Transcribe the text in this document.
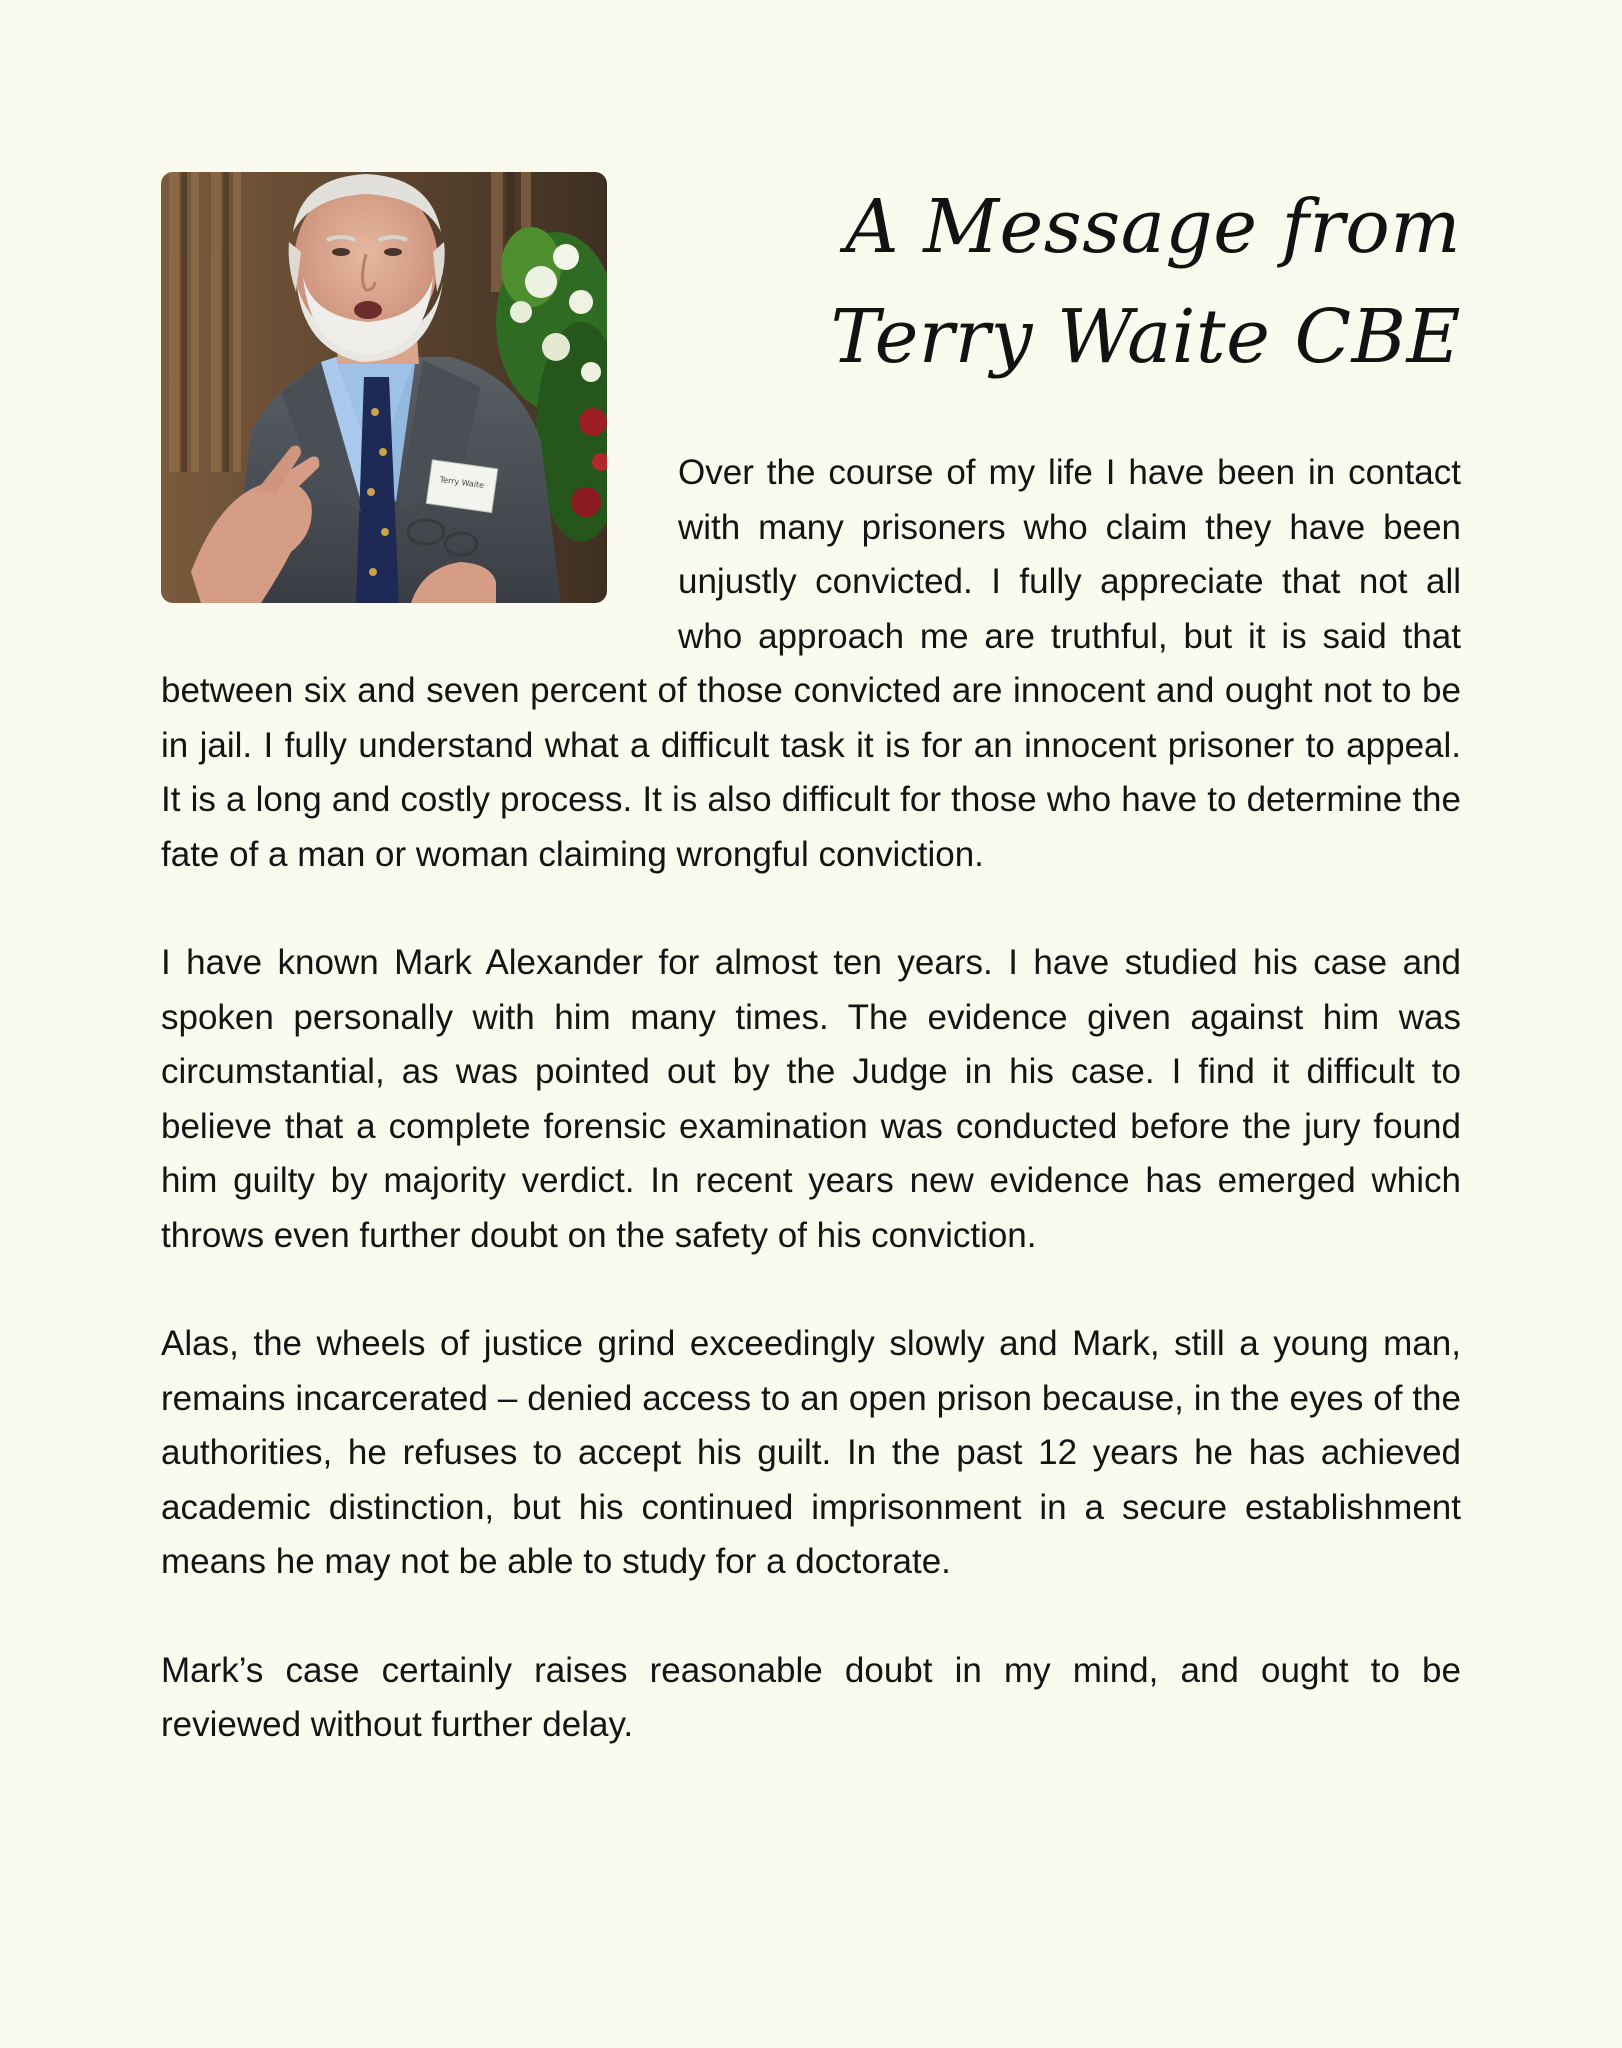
Terry Waite
A Message from
Terry Waite CBE

Over the course of my life I have been in contact with many prisoners who claim they have been unjustly convicted. I fully appreciate that not all who approach me are truthful, but it is said that between six and seven percent of those convicted are innocent and ought not to be in jail. I fully understand what a difficult task it is for an innocent prisoner to appeal. It is a long and costly process. It is also difficult for those who have to determine the fate of a man or woman claiming wrongful conviction.

I have known Mark Alexander for almost ten years. I have studied his case and spoken personally with him many times. The evidence given against him was circumstantial, as was pointed out by the Judge in his case. I find it difficult to believe that a complete forensic examination was conducted before the jury found him guilty by majority verdict. In recent years new evidence has emerged which throws even further doubt on the safety of his conviction.

Alas, the wheels of justice grind exceedingly slowly and Mark, still a young man, remains incarcerated – denied access to an open prison because, in the eyes of the authorities, he refuses to accept his guilt. In the past 12 years he has achieved academic distinction, but his continued imprisonment in a secure establishment means he may not be able to study for a doctorate.

Mark’s case certainly raises reasonable doubt in my mind, and ought to be reviewed without further delay.
